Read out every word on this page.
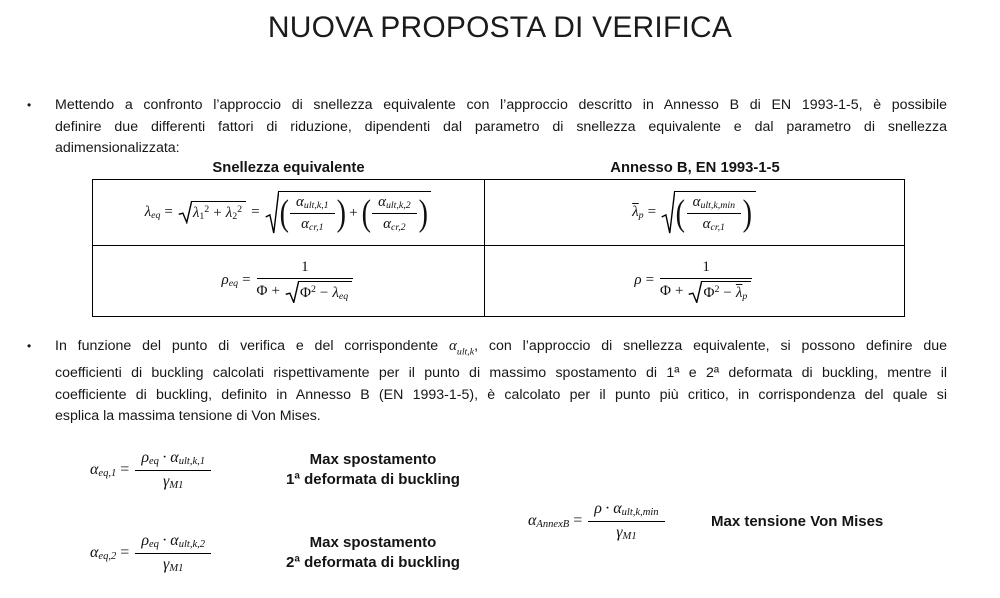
NUOVA PROPOSTA DI VERIFICA
• Mettendo a confronto l’approccio di snellezza equivalente con l’approccio descritto in Annesso B di EN 1993-1-5, è possibile
definire due differenti fattori di riduzione, dipendenti dal parametro di snellezza equivalente e dal parametro di snellezza
adimensionalizzata:
Snellezza equivalente	Annesso B, EN 1993-1-5
$\lambda eq = \lambda 1^2 + \lambda 2^2$ = ( $\frac{\text{αult,k,1}}{\text{αcr,1}}$ ) + ( $\frac{\text{αult,k,2}}{\text{αcr,2}}$ )	$\overline{\lambda}p$ = ( $\frac{\text{αult,k,min}}{\text{αcr,1}}$ )
$\rho eq = \frac{1}{\Phi + \Phi^2 - \lambda eq}$	$\rho = \frac{1}{\Phi + \Phi^2 - \overline{\lambda}p}$
• In funzione del punto di verifica e del corrispondente $\alpha_{ult,k}$, con l’approccio di snellezza equivalente, si possono definire due
coefficienti di buckling calcolati rispettivamente per il punto di massimo spostamento di 1ª e 2ª deformata di buckling, mentre il
coefficiente di buckling, definito in Annesso B (EN 1993-1-5), è calcolato per il punto più critico, in corrispondenza del quale si
esplica la massima tensione di Von Mises.
$\alpha eq,1 = \frac{\text{ρeq · αult,k,1}}{\gamma M1}$	Max spostamento
1ª deformata di buckling
αAnnexB = $\frac{\text{ρ · αult,k,min}}{\gamma M1}$	Max tensione Von Mises
$\alpha eq,2 = \frac{\text{ρeq · αult,k,2}}{\gamma M1}$	Max spostamento
2ª deformata di buckling
